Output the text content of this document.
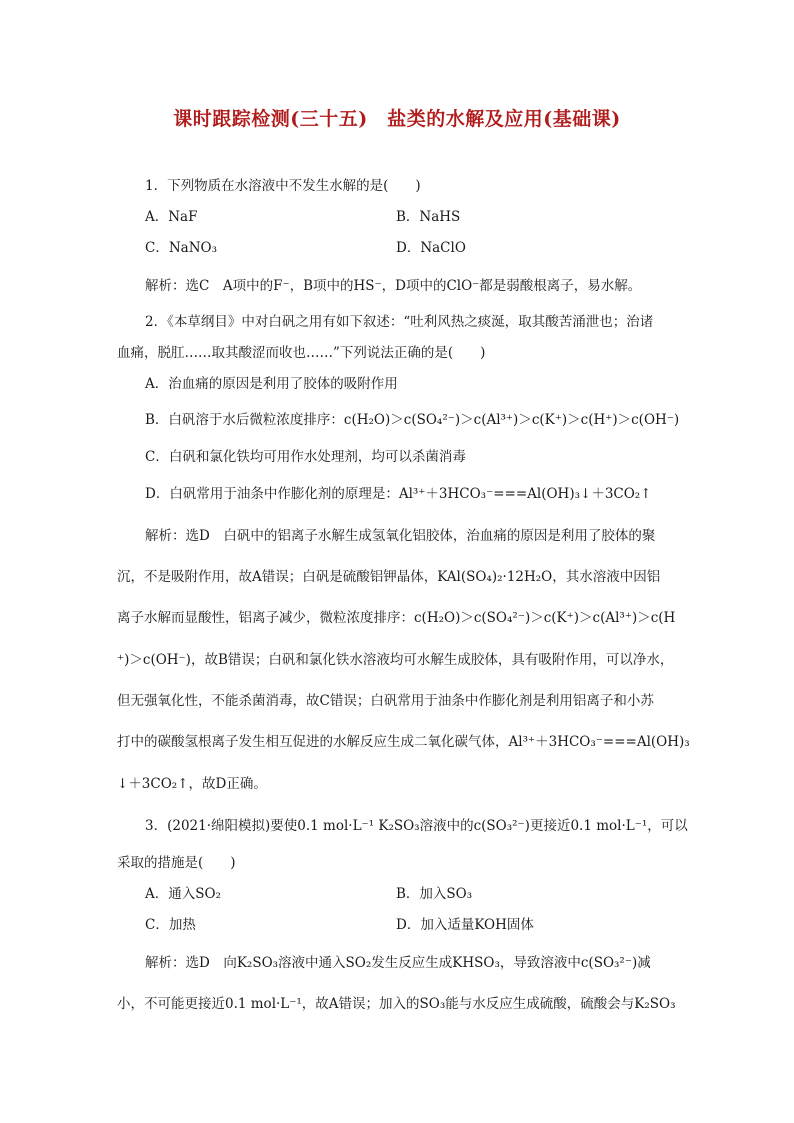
课时跟踪检测(三十五)　盐类的水解及应用(基础课)
1．下列物质在水溶液中不发生水解的是(　　)
A．NaF
C．NaNO₃
解析：选C　A项中的F⁻，B项中的HS⁻，D项中的ClO⁻都是弱酸根离子，易水解。
2．《本草纲目》中对白矾之用有如下叙述：“吐利风热之痰涎，取其酸苦涌泄也；治诸
血痛，脱肛……取其酸涩而收也……”下列说法正确的是(　　)
A．治血痛的原因是利用了胶体的吸附作用
B．白矾溶于水后微粒浓度排序：c(H₂O)＞c(SO₄²⁻)＞c(Al³⁺)＞c(K⁺)＞c(H⁺)＞c(OH⁻)
C．白矾和氯化铁均可用作水处理剂，均可以杀菌消毒
D．白矾常用于油条中作膨化剂的原理是：Al³⁺＋3HCO₃⁻===Al(OH)₃↓＋3CO₂↑
解析：选D　白矾中的铝离子水解生成氢氧化铝胶体，治血痛的原因是利用了胶体的聚
沉，不是吸附作用，故A错误；白矾是硫酸铝钾晶体，KAl(SO₄)₂·12H₂O，其水溶液中因铝
离子水解而显酸性，铝离子减少，微粒浓度排序：c(H₂O)＞c(SO₄²⁻)＞c(K⁺)＞c(Al³⁺)＞c(H
⁺)＞c(OH⁻)，故B错误；白矾和氯化铁水溶液均可水解生成胶体，具有吸附作用，可以净水，
但无强氧化性，不能杀菌消毒，故C错误；白矾常用于油条中作膨化剂是利用铝离子和小苏
打中的碳酸氢根离子发生相互促进的水解反应生成二氧化碳气体，Al³⁺＋3HCO₃⁻===Al(OH)₃
↓＋3CO₂↑，故D正确。
3．(2021·绵阳模拟)要使0.1 mol·L⁻¹ K₂SO₃溶液中的c(SO₃²⁻)更接近0.1 mol·L⁻¹，可以
采取的措施是(　　)
A．通入SO₂
C．加热
解析：选D　向K₂SO₃溶液中通入SO₂发生反应生成KHSO₃，导致溶液中c(SO₃²⁻)减
小，不可能更接近0.1 mol·L⁻¹，故A错误；加入的SO₃能与水反应生成硫酸，硫酸会与K₂SO₃
B．NaHS
D．NaClO
B．加入SO₃
D．加入适量KOH固体
